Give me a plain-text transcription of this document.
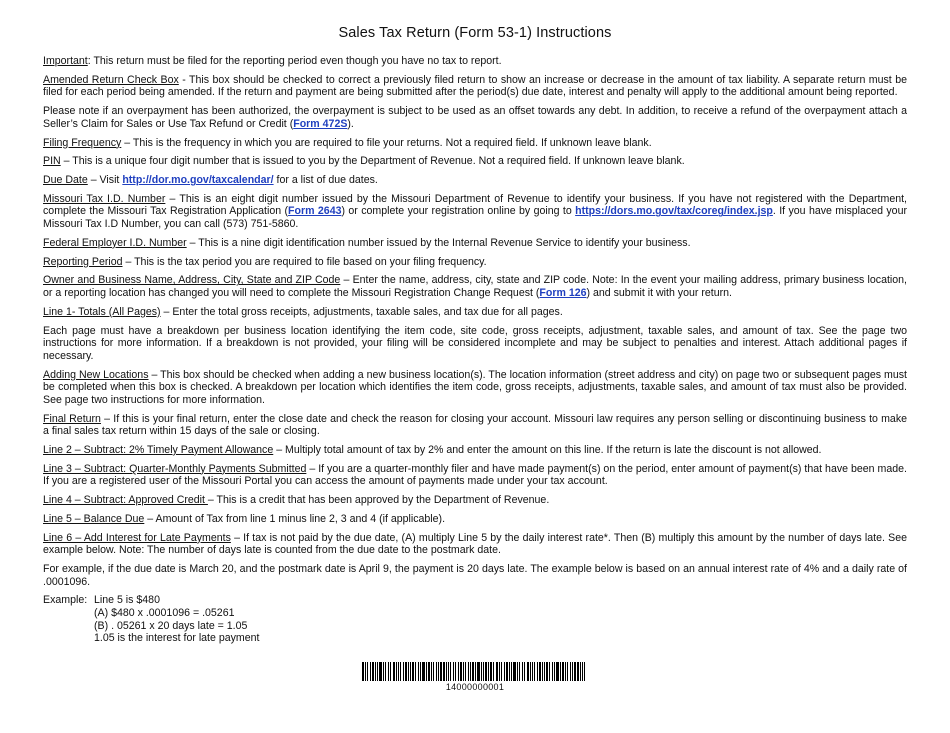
Sales Tax Return (Form 53-1) Instructions

Important: This return must be filed for the reporting period even though you have no tax to report.

Amended Return Check Box - This box should be checked to correct a previously filed return to show an increase or decrease in the amount of tax liability. A separate return must be filed for each period being amended. If the return and payment are being submitted after the period(s) due date, interest and penalty will apply to the additional amount being reported.

Please note if an overpayment has been authorized, the overpayment is subject to be used as an offset towards any debt. In addition, to receive a refund of the overpayment attach a Seller’s Claim for Sales or Use Tax Refund or Credit (Form 472S).

Filing Frequency – This is the frequency in which you are required to file your returns. Not a required field. If unknown leave blank.

PIN – This is a unique four digit number that is issued to you by the Department of Revenue. Not a required field. If unknown leave blank.

Due Date – Visit http://dor.mo.gov/taxcalendar/ for a list of due dates.

Missouri Tax I.D. Number – This is an eight digit number issued by the Missouri Department of Revenue to identify your business. If you have not registered with the Department, complete the Missouri Tax Registration Application (Form 2643) or complete your registration online by going to https://dors.mo.gov/tax/coreg/index.jsp. If you have misplaced your Missouri Tax I.D Number, you can call (573) 751-5860.

Federal Employer I.D. Number – This is a nine digit identification number issued by the Internal Revenue Service to identify your business.

Reporting Period – This is the tax period you are required to file based on your filing frequency.

Owner and Business Name, Address, City, State and ZIP Code – Enter the name, address, city, state and ZIP code. Note: In the event your mailing address, primary business location, or a reporting location has changed you will need to complete the Missouri Registration Change Request (Form 126) and submit it with your return.

Line 1- Totals (All Pages) – Enter the total gross receipts, adjustments, taxable sales, and tax due for all pages.

Each page must have a breakdown per business location identifying the item code, site code, gross receipts, adjustment, taxable sales, and amount of tax. See the page two instructions for more information. If a breakdown is not provided, your filing will be considered incomplete and may be subject to penalties and interest. Attach additional pages if necessary.

Adding New Locations – This box should be checked when adding a new business location(s). The location information (street address and city) on page two or subsequent pages must be completed when this box is checked. A breakdown per location which identifies the item code, gross receipts, adjustments, taxable sales, and amount of tax must also be provided. See page two instructions for more information.

Final Return – If this is your final return, enter the close date and check the reason for closing your account. Missouri law requires any person selling or discontinuing business to make a final sales tax return within 15 days of the sale or closing.

Line 2 – Subtract: 2% Timely Payment Allowance – Multiply total amount of tax by 2% and enter the amount on this line. If the return is late the discount is not allowed.

Line 3 – Subtract: Quarter-Monthly Payments Submitted – If you are a quarter-monthly filer and have made payment(s) on the period, enter amount of payment(s) that have been made. If you are a registered user of the Missouri Portal you can access the amount of payments made under your tax account.

Line 4 – Subtract: Approved Credit – This is a credit that has been approved by the Department of Revenue.

Line 5 – Balance Due – Amount of Tax from line 1 minus line 2, 3 and 4 (if applicable).

Line 6 – Add Interest for Late Payments – If tax is not paid by the due date, (A) multiply Line 5 by the daily interest rate*. Then (B) multiply this amount by the number of days late. See example below. Note: The number of days late is counted from the due date to the postmark date.

For example, if the due date is March 20, and the postmark date is April 9, the payment is 20 days late. The example below is based on an annual interest rate of 4% and a daily rate of .0001096.

Example: Line 5 is $480
(A) $480 x .0001096 = .05261
(B) . 05261 x 20 days late = 1.05
1.05 is the interest for late payment
14000000001
